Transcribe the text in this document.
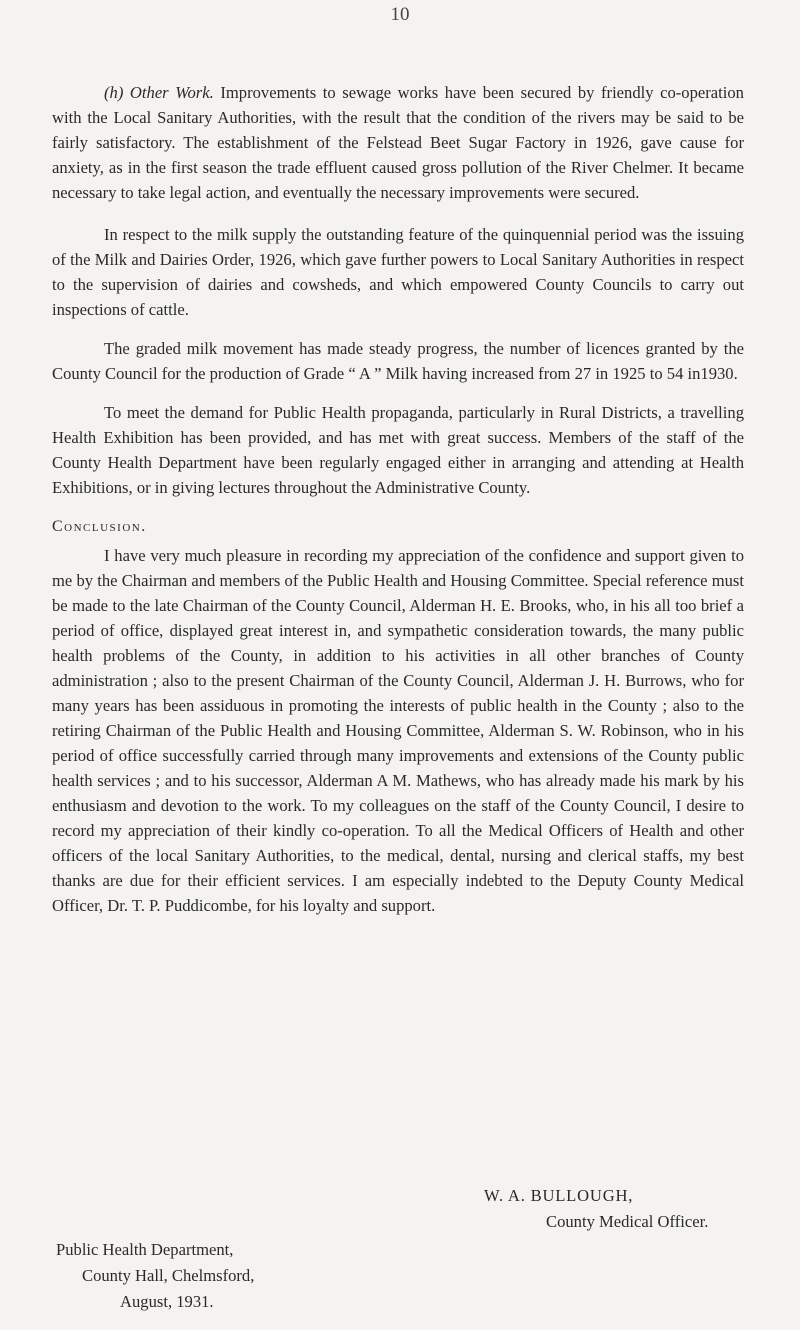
10

(h) Other Work. Improvements to sewage works have been secured by friendly co-operation with the Local Sanitary Authorities, with the result that the condition of the rivers may be said to be fairly satisfactory. The establishment of the Felstead Beet Sugar Factory in 1926, gave cause for anxiety, as in the first season the trade effluent caused gross pollution of the River Chelmer. It became necessary to take legal action, and eventually the necessary improvements were secured.

In respect to the milk supply the outstanding feature of the quinquennial period was the issuing of the Milk and Dairies Order, 1926, which gave further powers to Local Sanitary Authorities in respect to the supervision of dairies and cowsheds, and which empowered County Councils to carry out inspections of cattle.

The graded milk movement has made steady progress, the number of licences granted by the County Council for the production of Grade “ A ” Milk having increased from 27 in 1925 to 54 in1930.

To meet the demand for Public Health propaganda, particularly in Rural Districts, a travelling Health Exhibition has been provided, and has met with great success. Members of the staff of the County Health Department have been regularly engaged either in arranging and attending at Health Exhibitions, or in giving lectures throughout the Administrative County.

Conclusion.

I have very much pleasure in recording my appreciation of the confidence and support given to me by the Chairman and members of the Public Health and Housing Committee. Special reference must be made to the late Chairman of the County Council, Alderman H. E. Brooks, who, in his all too brief a period of office, displayed great interest in, and sympathetic consideration towards, the many public health problems of the County, in addition to his activities in all other branches of County administration ; also to the present Chairman of the County Council, Alderman J. H. Burrows, who for many years has been assiduous in promoting the interests of public health in the County ; also to the retiring Chairman of the Public Health and Housing Committee, Alderman S. W. Robinson, who in his period of office successfully carried through many improvements and extensions of the County public health services ; and to his successor, Alderman A M. Mathews, who has already made his mark by his enthusiasm and devotion to the work. To my colleagues on the staff of the County Council, I desire to record my appreciation of their kindly co-operation. To all the Medical Officers of Health and other officers of the local Sanitary Authorities, to the medical, dental, nursing and clerical staffs, my best thanks are due for their efficient services. I am especially indebted to the Deputy County Medical Officer, Dr. T. P. Puddicombe, for his loyalty and support.

W. A. BULLOUGH,
County Medical Officer.
Public Health Department,
County Hall, Chelmsford,
August, 1931.
